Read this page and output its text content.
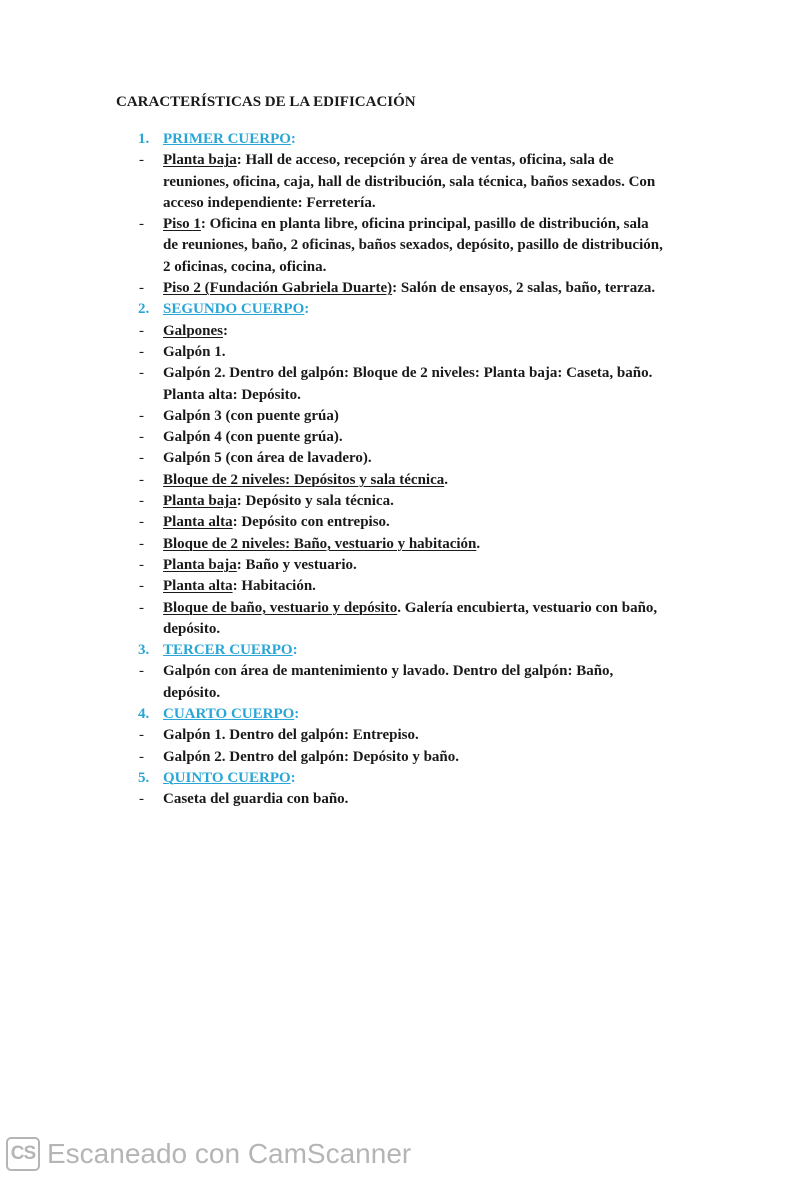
CARACTERÍSTICAS DE LA EDIFICACIÓN
1. PRIMER CUERPO:
- Planta baja: Hall de acceso, recepción y área de ventas, oficina, sala de
reuniones, oficina, caja, hall de distribución, sala técnica, baños sexados. Con
acceso independiente: Ferretería.
- Piso 1: Oficina en planta libre, oficina principal, pasillo de distribución, sala
de reuniones, baño, 2 oficinas, baños sexados, depósito, pasillo de distribución,
2 oficinas, cocina, oficina.
- Piso 2 (Fundación Gabriela Duarte): Salón de ensayos, 2 salas, baño, terraza.
2. SEGUNDO CUERPO:
- Galpones:
- Galpón 1.
- Galpón 2. Dentro del galpón: Bloque de 2 niveles: Planta baja: Caseta, baño.
Planta alta: Depósito.
- Galpón 3 (con puente grúa)
- Galpón 4 (con puente grúa).
- Galpón 5 (con área de lavadero).
- Bloque de 2 niveles: Depósitos y sala técnica.
- Planta baja: Depósito y sala técnica.
- Planta alta: Depósito con entrepiso.
- Bloque de 2 niveles: Baño, vestuario y habitación.
- Planta baja: Baño y vestuario.
- Planta alta: Habitación.
- Bloque de baño, vestuario y depósito. Galería encubierta, vestuario con baño,
depósito.
3. TERCER CUERPO:
- Galpón con área de mantenimiento y lavado. Dentro del galpón: Baño,
depósito.
4. CUARTO CUERPO:
- Galpón 1. Dentro del galpón: Entrepiso.
- Galpón 2. Dentro del galpón: Depósito y baño.
5. QUINTO CUERPO:
- Caseta del guardia con baño.
CS Escaneado con CamScanner
